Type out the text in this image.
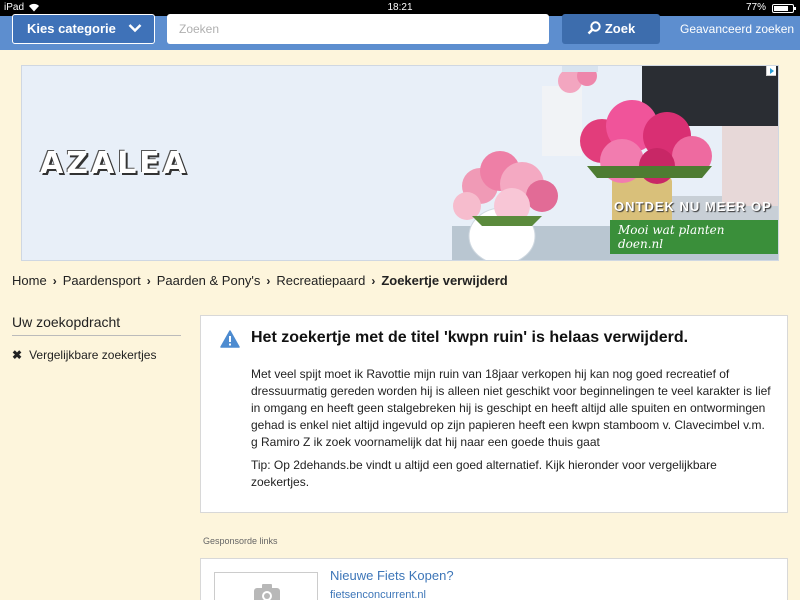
iPad	18:21	77%
Kies categorie
Zoeken	Zoek	Geavanceerd zoeken
AZALEA
ONTDEK NU MEER OP
Mooi wat planten doen.nl
Home › Paardensport › Paarden & Pony's › Recreatiepaard › Zoekertje verwijderd
Uw zoekopdracht
✖ Vergelijkbare zoekertjes
Het zoekertje met de titel 'kwpn ruin' is helaas verwijderd.
Met veel spijt moet ik Ravottie mijn ruin van 18jaar verkopen hij kan nog goed recreatief of dressuurmatig gereden worden hij is alleen niet geschikt voor beginnelingen te veel karakter is lief in omgang en heeft geen stalgebreken hij is geschipt en heeft altijd alle spuiten en ontwormingen gehad is enkel niet altijd ingevuld op zijn papieren heeft een kwpn stamboom v. Clavecimbel v.m. g Ramiro Z ik zoek voornamelijk dat hij naar een goede thuis gaat
Tip: Op 2dehands.be vindt u altijd een goed alternatief. Kijk hieronder voor vergelijkbare zoekertjes.
Gesponsorde links
Nieuwe Fiets Kopen?
fietsenconcurrent.nl
